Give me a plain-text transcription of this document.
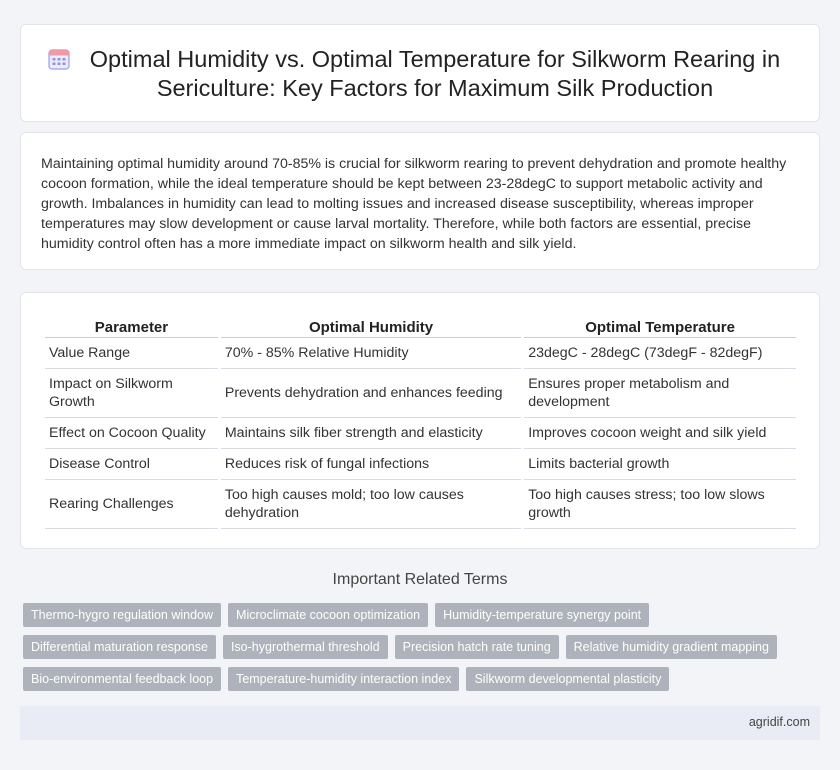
Optimal Humidity vs. Optimal Temperature for Silkworm Rearing in Sericulture: Key Factors for Maximum Silk Production

Maintaining optimal humidity around 70-85% is crucial for silkworm rearing to prevent dehydration and promote healthy cocoon formation, while the ideal temperature should be kept between 23-28degC to support metabolic activity and growth. Imbalances in humidity can lead to molting issues and increased disease susceptibility, whereas improper temperatures may slow development or cause larval mortality. Therefore, while both factors are essential, precise humidity control often has a more immediate impact on silkworm health and silk yield.

Parameter	Optimal Humidity	Optimal Temperature
Value Range	70% - 85% Relative Humidity	23degC - 28degC (73degF - 82degF)
Impact on Silkworm Growth	Prevents dehydration and enhances feeding	Ensures proper metabolism and development
Effect on Cocoon Quality	Maintains silk fiber strength and elasticity	Improves cocoon weight and silk yield
Disease Control	Reduces risk of fungal infections	Limits bacterial growth
Rearing Challenges	Too high causes mold; too low causes dehydration	Too high causes stress; too low slows growth
Important Related Terms
Thermo-hygro regulation window	Microclimate cocoon optimization	Humidity-temperature synergy point
Differential maturation response	Iso-hygrothermal threshold	Precision hatch rate tuning	Relative humidity gradient mapping
Bio-environmental feedback loop	Temperature-humidity interaction index	Silkworm developmental plasticity
agridif.com
